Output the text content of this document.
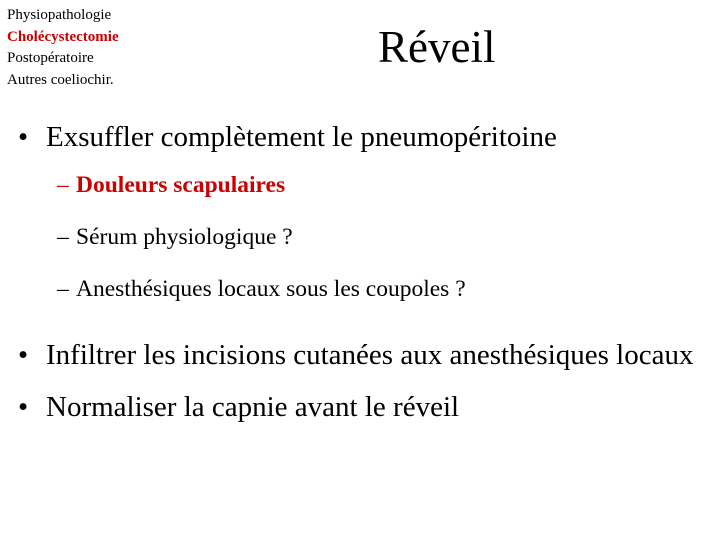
Physiopathologie
Cholécystectomie
Postopératoire
Autres coeliochir.
Réveil
• Exsuffler complètement le pneumopéritoine
– Douleurs scapulaires
– Sérum physiologique ?
– Anesthésiques locaux sous les coupoles ?
• Infiltrer les incisions cutanées aux anesthésiques locaux
• Normaliser la capnie avant le réveil
